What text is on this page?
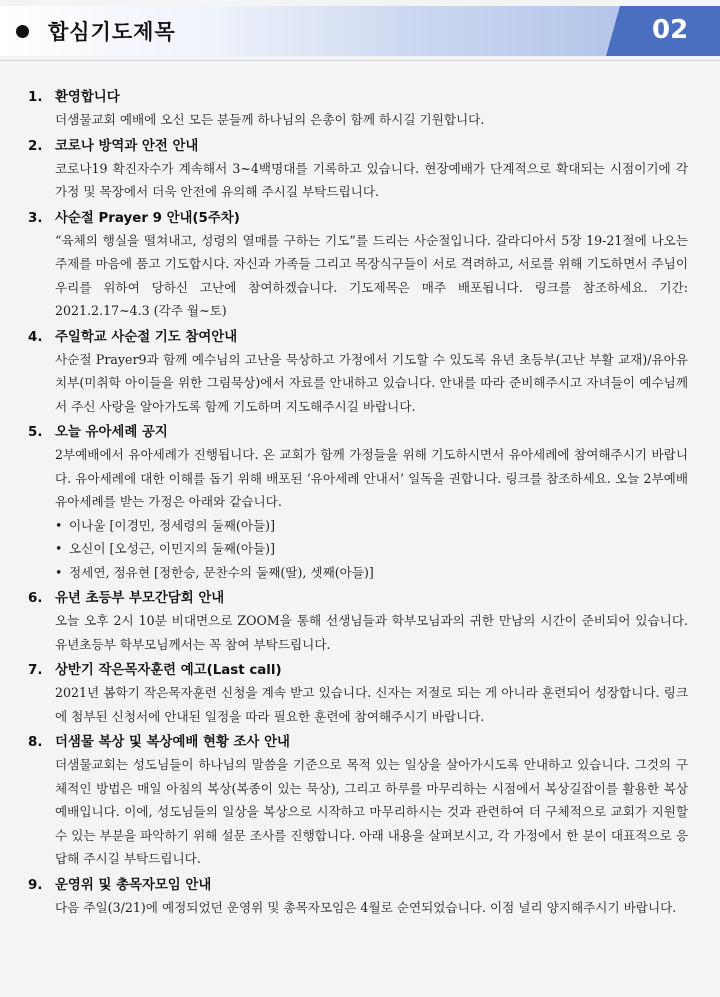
합심기도제목	02
1. 환영합니다
더샘물교회 예배에 오신 모든 분들께 하나님의 은총이 함께 하시길 기원합니다.
2. 코로나 방역과 안전 안내
코로나19 확진자수가 계속해서 3~4백명대를 기록하고 있습니다. 현장예배가 단계적으로 확대되는 시점이기에 각 가정 및 목장에서 더욱 안전에 유의해 주시길 부탁드립니다.
3. 사순절 Prayer 9 안내(5주차)
“육체의 행실을 떨쳐내고, 성령의 열매를 구하는 기도”를 드리는 사순절입니다. 갈라디아서 5장 19-21절에 나오는 주제를 마음에 품고 기도합시다. 자신과 가족들 그리고 목장식구들이 서로 격려하고, 서로를 위해 기도하면서 주님이 우리를 위하여 당하신 고난에 참여하겠습니다. 기도제목은 매주 배포됩니다. 링크를 참조하세요. 기간: 2021.2.17~4.3 (각주 월~토)
4. 주일학교 사순절 기도 참여안내
사순절 Prayer9과 함께 예수님의 고난을 묵상하고 가정에서 기도할 수 있도록 유년 초등부(고난 부활 교재)/유아유치부(미취학 아이들을 위한 그림묵상)에서 자료를 안내하고 있습니다. 안내를 따라 준비해주시고 자녀들이 예수님께서 주신 사랑을 알아가도록 함께 기도하며 지도해주시길 바랍니다.
5. 오늘 유아세례 공지
2부예배에서 유아세례가 진행됩니다. 온 교회가 함께 가정들을 위해 기도하시면서 유아세례에 참여해주시기 바랍니다. 유아세례에 대한 이해를 돕기 위해 배포된 ‘유아세례 안내서’ 일독을 권합니다. 링크를 참조하세요. 오늘 2부예배 유아세례를 받는 가정은 아래와 같습니다.
• 이나울 [이경민, 정세령의 둘째(아들)]
• 오신이 [오성근, 이민지의 둘째(아들)]
• 정세연, 정유현 [정한승, 문찬수의 둘째(딸), 셋째(아들)]
6. 유년 초등부 부모간담회 안내
오늘 오후 2시 10분 비대면으로 ZOOM을 통해 선생님들과 학부모님과의 귀한 만남의 시간이 준비되어 있습니다. 유년초등부 학부모님께서는 꼭 참여 부탁드립니다.
7. 상반기 작은목자훈련 예고(Last call)
2021년 봄학기 작은목자훈련 신청을 계속 받고 있습니다. 신자는 저절로 되는 게 아니라 훈련되어 성장합니다. 링크에 첨부된 신청서에 안내된 일정을 따라 필요한 훈련에 참여해주시기 바랍니다.
8. 더샘물 복상 및 복상예배 현황 조사 안내
더샘물교회는 성도님들이 하나님의 말씀을 기준으로 목적 있는 일상을 살아가시도록 안내하고 있습니다. 그것의 구체적인 방법은 매일 아침의 복상(복종이 있는 묵상), 그리고 하루를 마무리하는 시점에서 복상길잡이를 활용한 복상 예배입니다. 이에, 성도님들의 일상을 복상으로 시작하고 마무리하시는 것과 관련하여 더 구체적으로 교회가 지원할 수 있는 부분을 파악하기 위해 설문 조사를 진행합니다. 아래 내용을 살펴보시고, 각 가정에서 한 분이 대표적으로 응답해 주시길 부탁드립니다.
9. 운영위 및 총목자모임 안내
다음 주일(3/21)에 예정되었던 운영위 및 총목자모임은 4월로 순연되었습니다. 이점 널리 양지해주시기 바랍니다.
